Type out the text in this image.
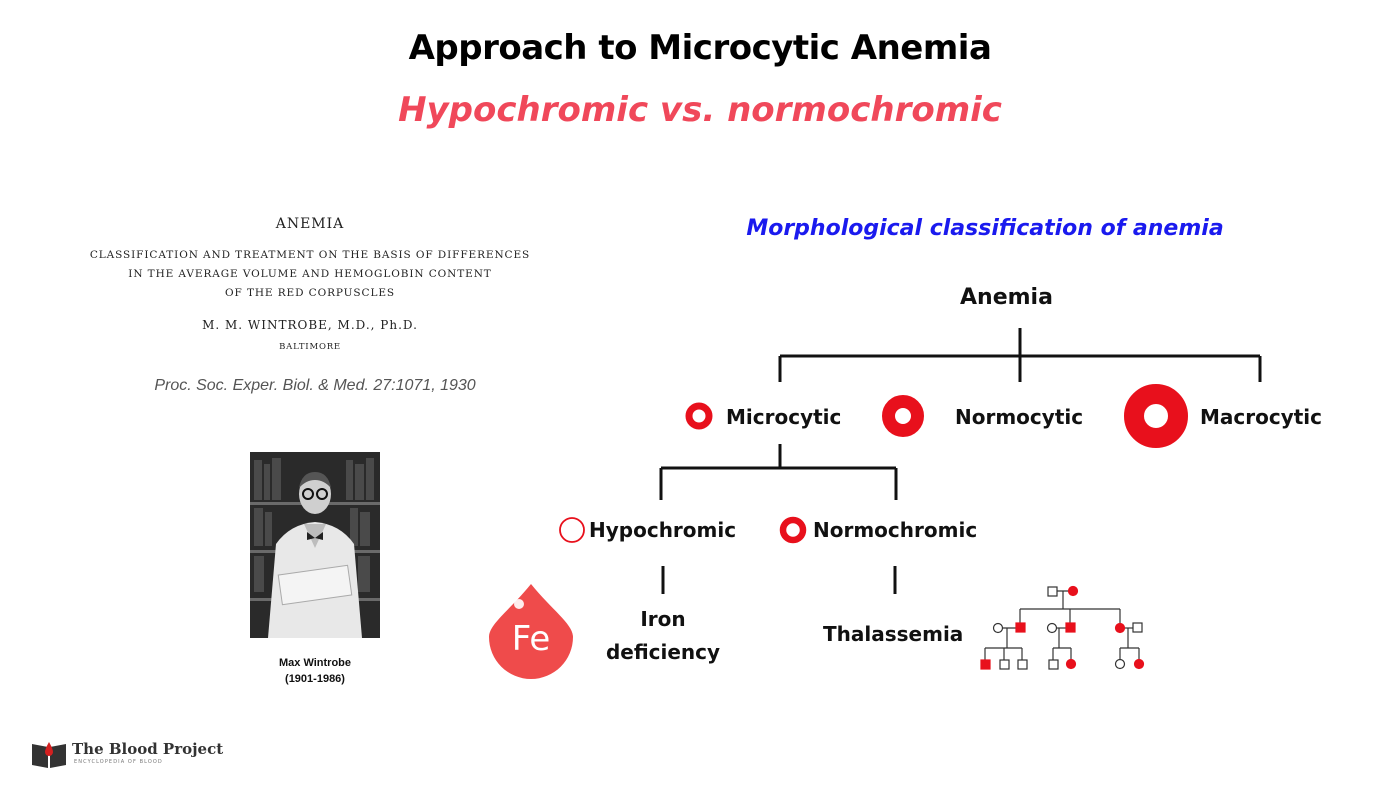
Approach to Microcytic Anemia
Hypochromic vs. normochromic
ANEMIA
CLASSIFICATION AND TREATMENT ON THE BASIS OF DIFFERENCES
IN THE AVERAGE VOLUME AND HEMOGLOBIN CONTENT
OF THE RED CORPUSCLES
M. M. WINTROBE, M.D., Ph.D.
BALTIMORE
Proc. Soc. Exper. Biol. & Med. 27:1071, 1930
Max Wintrobe
(1901-1986)
The Blood Project
ENCYCLOPEDIA OF BLOOD
Morphological classification of anemia
Fe
Anemia
Microcytic	Normocytic	Macrocytic
Hypochromic	Normochromic
Iron deficiency
Thalassemia
